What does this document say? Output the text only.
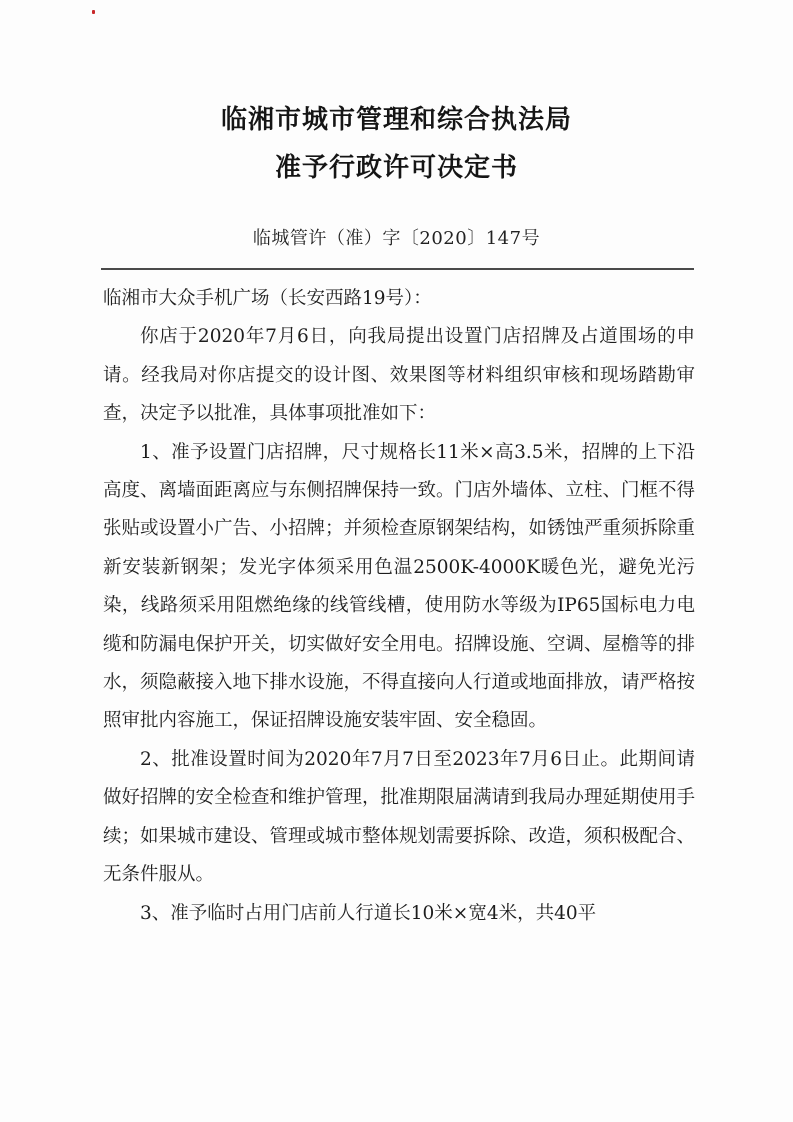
临湘市城市管理和综合执法局
准予行政许可决定书
临城管许（准）字〔2020〕147号

临湘市大众手机广场（长安西路19号）：

你店于2020年7月6日，向我局提出设置门店招牌及占道围场的申请。经我局对你店提交的设计图、效果图等材料组织审核和现场踏勘审查，决定予以批准，具体事项批准如下：

1、准予设置门店招牌，尺寸规格长11米×高3.5米，招牌的上下沿高度、离墙面距离应与东侧招牌保持一致。门店外墙体、立柱、门框不得张贴或设置小广告、小招牌；并须检查原钢架结构，如锈蚀严重须拆除重新安装新钢架；发光字体须采用色温2500K-4000K暖色光，避免光污染，线路须采用阻燃绝缘的线管线槽，使用防水等级为IP65国标电力电缆和防漏电保护开关，切实做好安全用电。招牌设施、空调、屋檐等的排水，须隐蔽接入地下排水设施，不得直接向人行道或地面排放，请严格按照审批内容施工，保证招牌设施安装牢固、安全稳固。

2、批准设置时间为2020年7月7日至2023年7月6日止。此期间请做好招牌的安全检查和维护管理，批准期限届满请到我局办理延期使用手续；如果城市建设、管理或城市整体规划需要拆除、改造，须积极配合、无条件服从。

3、准予临时占用门店前人行道长10米×宽4米，共40平
